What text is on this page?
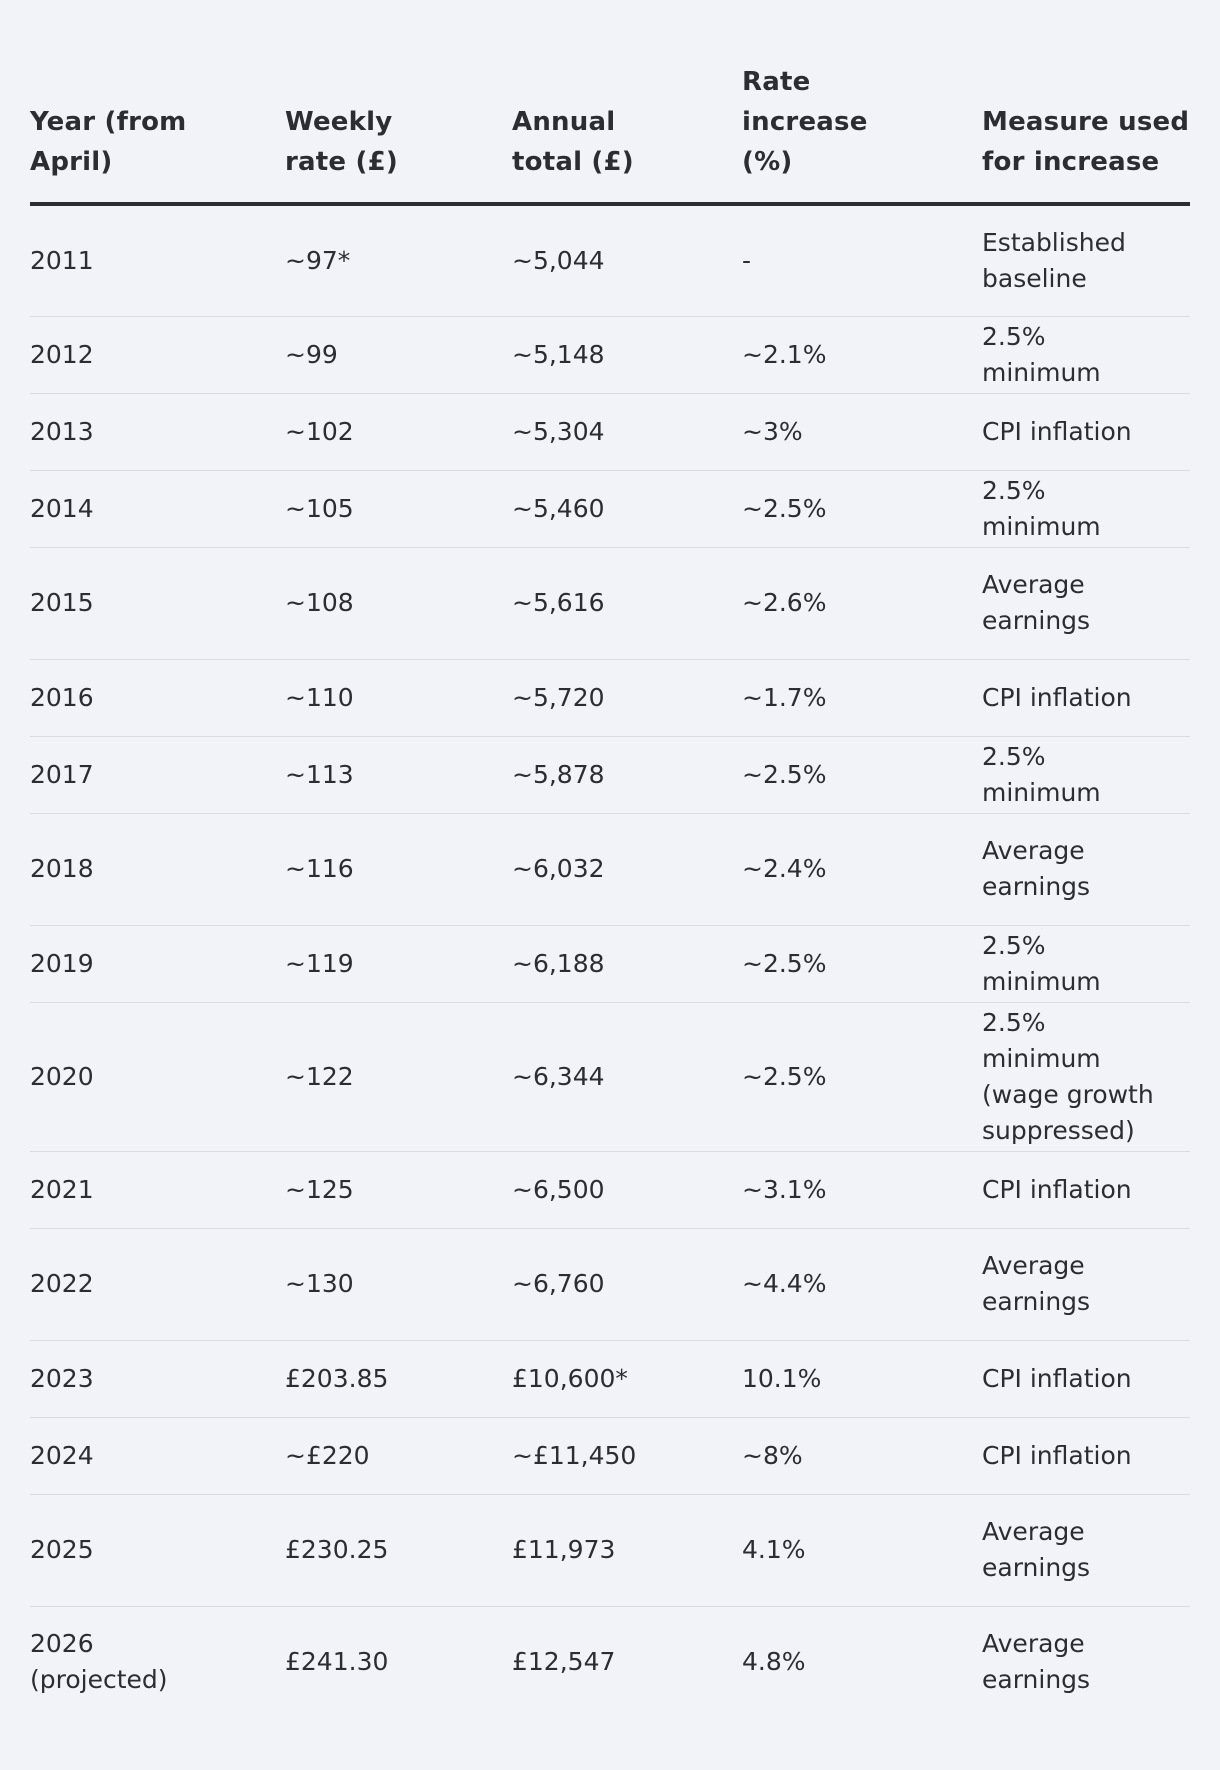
Year (from April)	Weekly rate (£)	Annual total (£)	Rate increase (%)	Measure used for increase

2011	~97*	~5,044	-	Established baseline

2012	~99	~5,148	~2.1%	2.5% minimum

2013	~102	~5,304	~3%	CPI inflation

2014	~105	~5,460	~2.5%	2.5% minimum

2015	~108	~5,616	~2.6%	Average earnings

2016	~110	~5,720	~1.7%	CPI inflation

2017	~113	~5,878	~2.5%	2.5% minimum

2018	~116	~6,032	~2.4%	Average earnings

2019	~119	~6,188	~2.5%	2.5% minimum

2020	~122	~6,344	~2.5%	2.5% minimum (wage growth suppressed)

2021	~125	~6,500	~3.1%	CPI inflation

2022	~130	~6,760	~4.4%	Average earnings

2023	£203.85	£10,600*	10.1%	CPI inflation

2024	~£220	~£11,450	~8%	CPI inflation

2025	£230.25	£11,973	4.1%	Average earnings

2026 (projected)	£241.30	£12,547	4.8%	Average earnings
